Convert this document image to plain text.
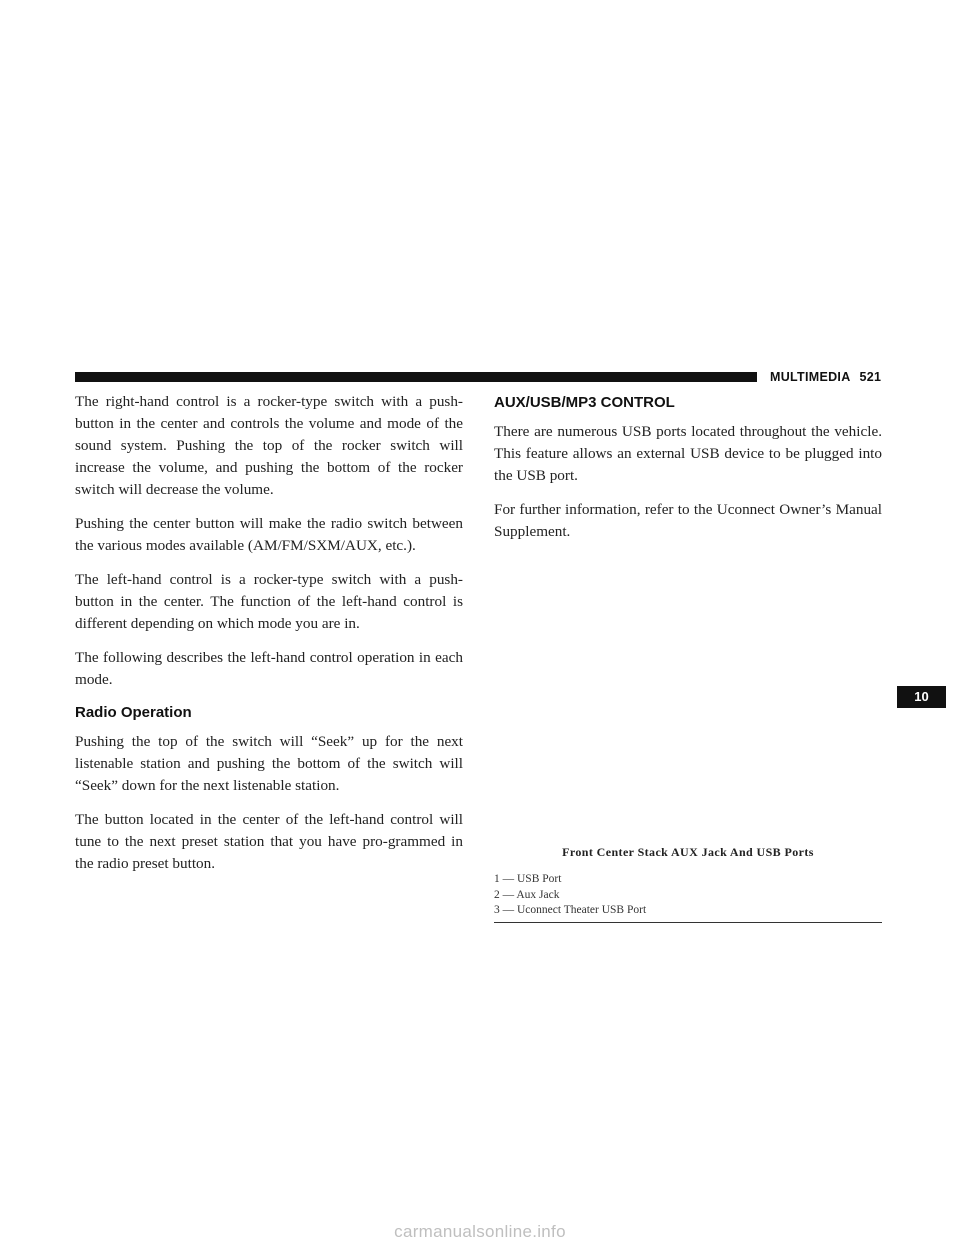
MULTIMEDIA 521

The right-hand control is a rocker-type switch with a push-button in the center and controls the volume and mode of the sound system. Pushing the top of the rocker switch will increase the volume, and pushing the bottom of the rocker switch will decrease the volume.

Pushing the center button will make the radio switch between the various modes available (AM/FM/SXM/AUX, etc.).

The left-hand control is a rocker-type switch with a push-button in the center. The function of the left-hand control is different depending on which mode you are in.

The following describes the left-hand control operation in each mode.

Radio Operation

Pushing the top of the switch will “Seek” up for the next listenable station and pushing the bottom of the switch will “Seek” down for the next listenable station.

The button located in the center of the left-hand control will tune to the next preset station that you have pro-grammed in the radio preset button.

AUX/USB/MP3 CONTROL

There are numerous USB ports located throughout the vehicle. This feature allows an external USB device to be plugged into the USB port.

For further information, refer to the Uconnect Owner’s Manual Supplement.

Front Center Stack AUX Jack And USB Ports
1 — USB Port
2 — Aux Jack
3 — Uconnect Theater USB Port
10
carmanualsonline.info
